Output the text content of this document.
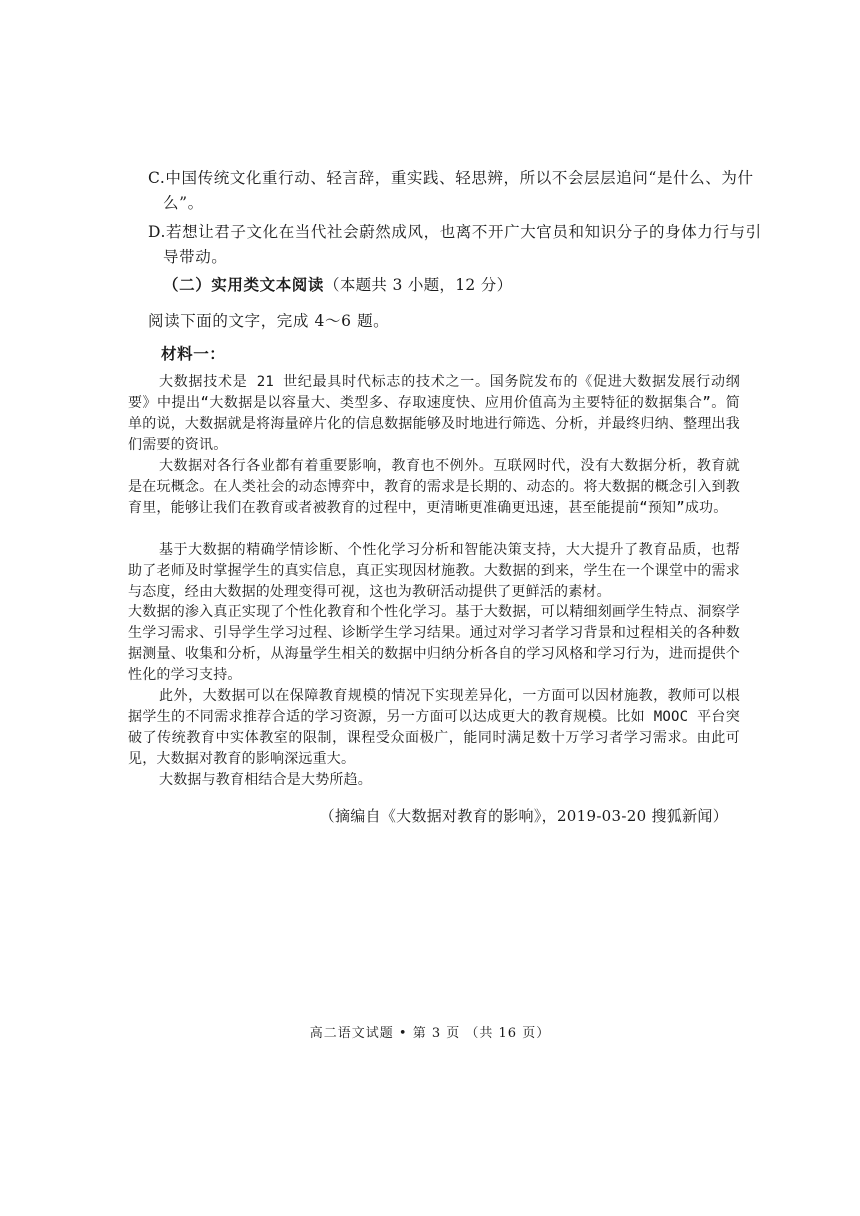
C.中国传统文化重行动、轻言辞，重实践、轻思辨，所以不会层层追问“是什么、为什么”。
D.若想让君子文化在当代社会蔚然成风，也离不开广大官员和知识分子的身体力行与引导带动。
（二）实用类文本阅读（本题共 3 小题，12 分）
阅读下面的文字，完成 4～6 题。
材料一：
大数据技术是 21 世纪最具时代标志的技术之一。国务院发布的《促进大数据发展行动纲要》中提出“大数据是以容量大、类型多、存取速度快、应用价值高为主要特征的数据集合”。简单的说，大数据就是将海量碎片化的信息数据能够及时地进行筛选、分析，并最终归纳、整理出我们需要的资讯。
大数据对各行各业都有着重要影响，教育也不例外。互联网时代，没有大数据分析，教育就是在玩概念。在人类社会的动态博弈中，教育的需求是长期的、动态的。将大数据的概念引入到教育里，能够让我们在教育或者被教育的过程中，更清晰更准确更迅速，甚至能提前“预知”成功。
基于大数据的精确学情诊断、个性化学习分析和智能决策支持，大大提升了教育品质，也帮助了老师及时掌握学生的真实信息，真正实现因材施教。大数据的到来，学生在一个课堂中的需求与态度，经由大数据的处理变得可视，这也为教研活动提供了更鲜活的素材。
大数据的渗入真正实现了个性化教育和个性化学习。基于大数据，可以精细刻画学生特点、洞察学生学习需求、引导学生学习过程、诊断学生学习结果。通过对学习者学习背景和过程相关的各种数据测量、收集和分析，从海量学生相关的数据中归纳分析各自的学习风格和学习行为，进而提供个性化的学习支持。
此外，大数据可以在保障教育规模的情况下实现差异化，一方面可以因材施教，教师可以根据学生的不同需求推荐合适的学习资源，另一方面可以达成更大的教育规模。比如 MOOC 平台突破了传统教育中实体教室的限制，课程受众面极广，能同时满足数十万学习者学习需求。由此可见，大数据对教育的影响深远重大。
大数据与教育相结合是大势所趋。
（摘编自《大数据对教育的影响》，2019-03-20 搜狐新闻）
高二语文试题 • 第 3 页 （共 16 页）
